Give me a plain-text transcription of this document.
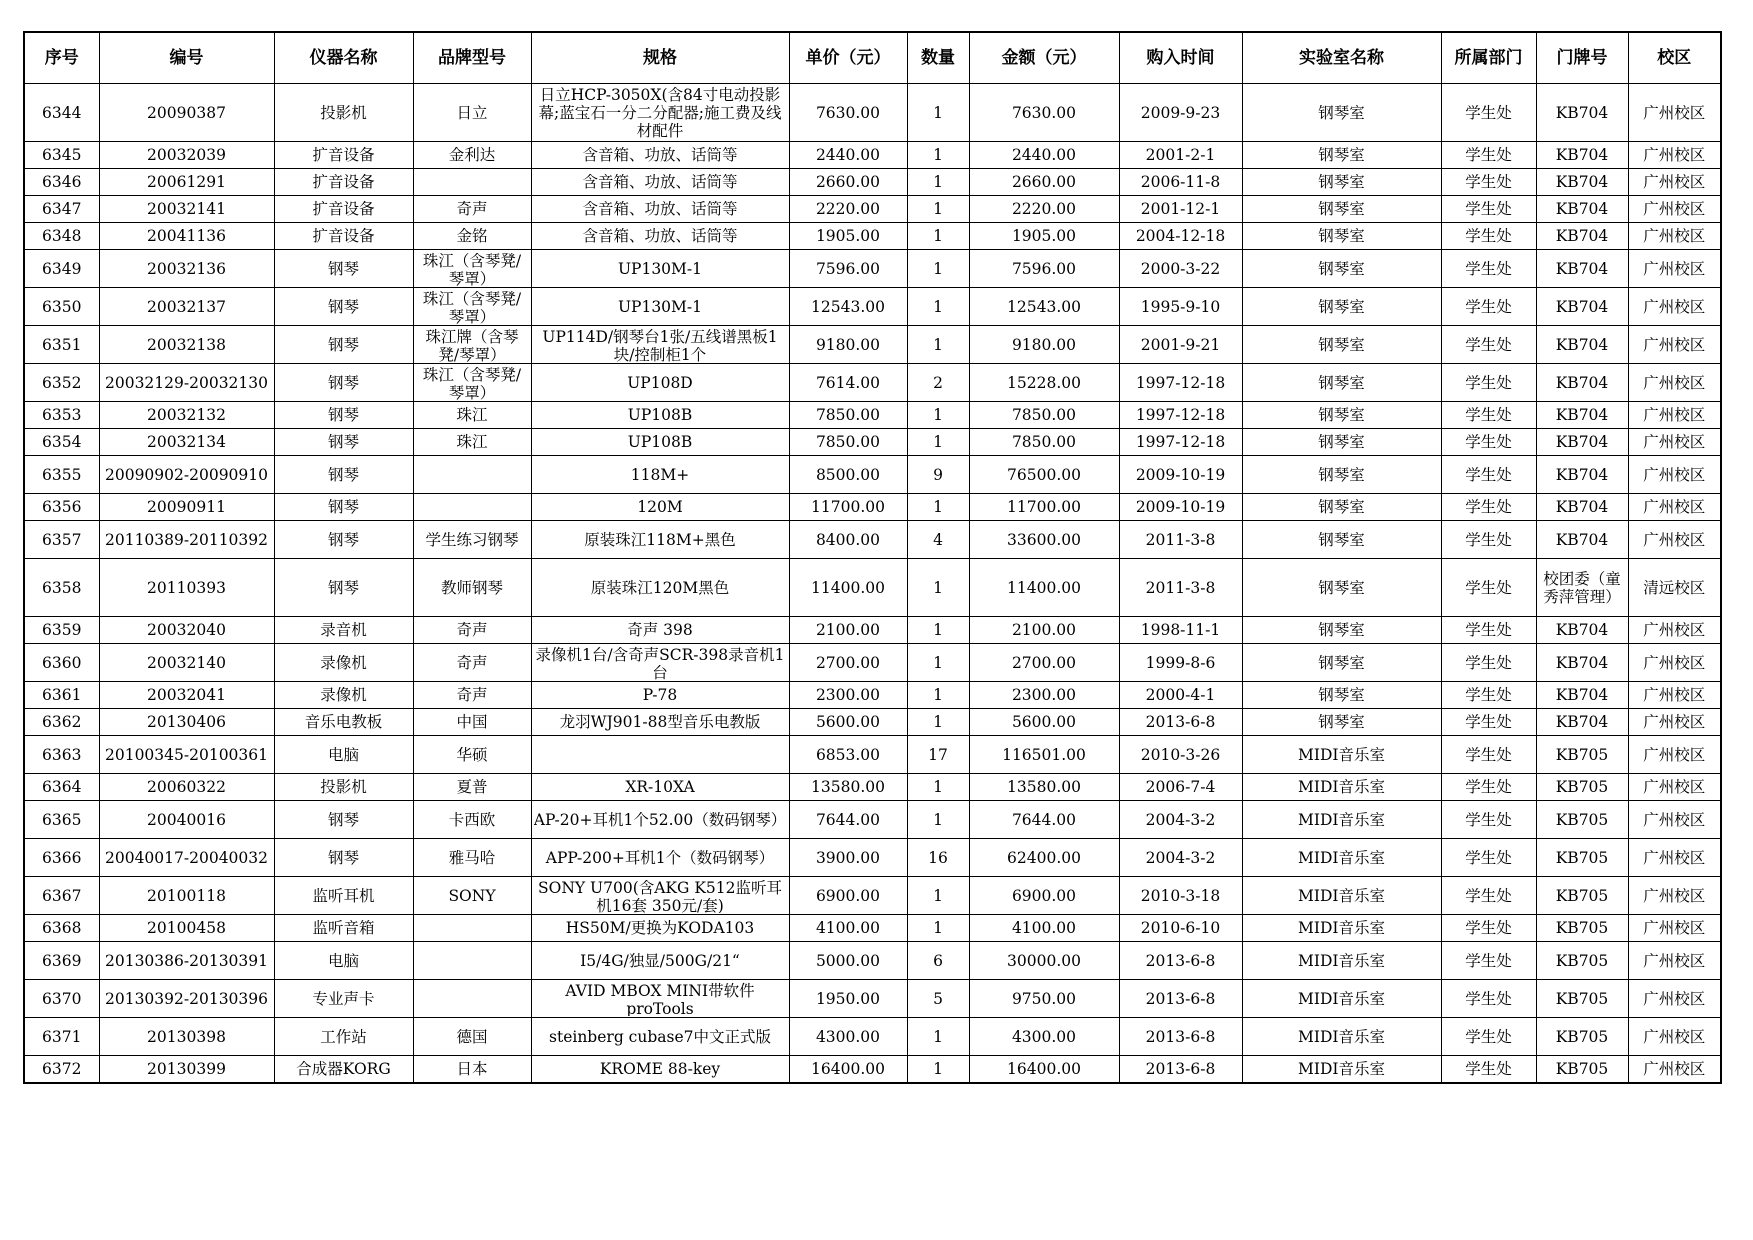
序号	编号	仪器名称	品牌型号	规格	单价（元）	数量	金额（元）	购入时间	实验室名称	所属部门	门牌号	校区

6344	20090387	投影机	日立	日立HCP-3050X(含84寸电动投影幕;蓝宝石一分二分配器;施工费及线材配件	7630.00	1	7630.00	2009-9-23	钢琴室	学生处	KB704	广州校区

6345	20032039	扩音设备	金利达	含音箱、功放、话筒等	2440.00	1	2440.00	2001-2-1	钢琴室	学生处	KB704	广州校区

6346	20061291	扩音设备		含音箱、功放、话筒等	2660.00	1	2660.00	2006-11-8	钢琴室	学生处	KB704	广州校区

6347	20032141	扩音设备	奇声	含音箱、功放、话筒等	2220.00	1	2220.00	2001-12-1	钢琴室	学生处	KB704	广州校区

6348	20041136	扩音设备	金铭	含音箱、功放、话筒等	1905.00	1	1905.00	2004-12-18	钢琴室	学生处	KB704	广州校区

6349	20032136	钢琴	珠江（含琴凳/琴罩）	UP130M-1	7596.00	1	7596.00	2000-3-22	钢琴室	学生处	KB704	广州校区

6350	20032137	钢琴	珠江（含琴凳/琴罩）	UP130M-1	12543.00	1	12543.00	1995-9-10	钢琴室	学生处	KB704	广州校区

6351	20032138	钢琴	珠江牌（含琴凳/琴罩）	UP114D/钢琴台1张/五线谱黑板1块/控制柜1个	9180.00	1	9180.00	2001-9-21	钢琴室	学生处	KB704	广州校区

6352	20032129-20032130	钢琴	珠江（含琴凳/琴罩）	UP108D	7614.00	2	15228.00	1997-12-18	钢琴室	学生处	KB704	广州校区

6353	20032132	钢琴	珠江	UP108B	7850.00	1	7850.00	1997-12-18	钢琴室	学生处	KB704	广州校区

6354	20032134	钢琴	珠江	UP108B	7850.00	1	7850.00	1997-12-18	钢琴室	学生处	KB704	广州校区

6355	20090902-20090910	钢琴		118M+	8500.00	9	76500.00	2009-10-19	钢琴室	学生处	KB704	广州校区

6356	20090911	钢琴		120M	11700.00	1	11700.00	2009-10-19	钢琴室	学生处	KB704	广州校区

6357	20110389-20110392	钢琴	学生练习钢琴	原装珠江118M+黑色	8400.00	4	33600.00	2011-3-8	钢琴室	学生处	KB704	广州校区

6358	20110393	钢琴	教师钢琴	原装珠江120M黑色	11400.00	1	11400.00	2011-3-8	钢琴室	学生处	校团委（童秀萍管理）	清远校区

6359	20032040	录音机	奇声	奇声 398	2100.00	1	2100.00	1998-11-1	钢琴室	学生处	KB704	广州校区

6360	20032140	录像机	奇声	录像机1台/含奇声SCR-398录音机1台	2700.00	1	2700.00	1999-8-6	钢琴室	学生处	KB704	广州校区

6361	20032041	录像机	奇声	P-78	2300.00	1	2300.00	2000-4-1	钢琴室	学生处	KB704	广州校区

6362	20130406	音乐电教板	中国	龙羽WJ901-88型音乐电教版	5600.00	1	5600.00	2013-6-8	钢琴室	学生处	KB704	广州校区

6363	20100345-20100361	电脑	华硕		6853.00	17	116501.00	2010-3-26	MIDI音乐室	学生处	KB705	广州校区

6364	20060322	投影机	夏普	XR-10XA	13580.00	1	13580.00	2006-7-4	MIDI音乐室	学生处	KB705	广州校区

6365	20040016	钢琴	卡西欧	AP-20+耳机1个52.00（数码钢琴）	7644.00	1	7644.00	2004-3-2	MIDI音乐室	学生处	KB705	广州校区

6366	20040017-20040032	钢琴	雅马哈	APP-200+耳机1个（数码钢琴）	3900.00	16	62400.00	2004-3-2	MIDI音乐室	学生处	KB705	广州校区

6367	20100118	监听耳机	SONY	SONY U700(含AKG K512监听耳机16套 350元/套)	6900.00	1	6900.00	2010-3-18	MIDI音乐室	学生处	KB705	广州校区

6368	20100458	监听音箱		HS50M/更换为KODA103	4100.00	1	4100.00	2010-6-10	MIDI音乐室	学生处	KB705	广州校区

6369	20130386-20130391	电脑		I5/4G/独显/500G/21“	5000.00	6	30000.00	2013-6-8	MIDI音乐室	学生处	KB705	广州校区

6370	20130392-20130396	专业声卡		AVID MBOX MINI带软件proTools	1950.00	5	9750.00	2013-6-8	MIDI音乐室	学生处	KB705	广州校区

6371	20130398	工作站	德国	steinberg cubase7中文正式版	4300.00	1	4300.00	2013-6-8	MIDI音乐室	学生处	KB705	广州校区

6372	20130399	合成器KORG	日本	KROME 88-key	16400.00	1	16400.00	2013-6-8	MIDI音乐室	学生处	KB705	广州校区
